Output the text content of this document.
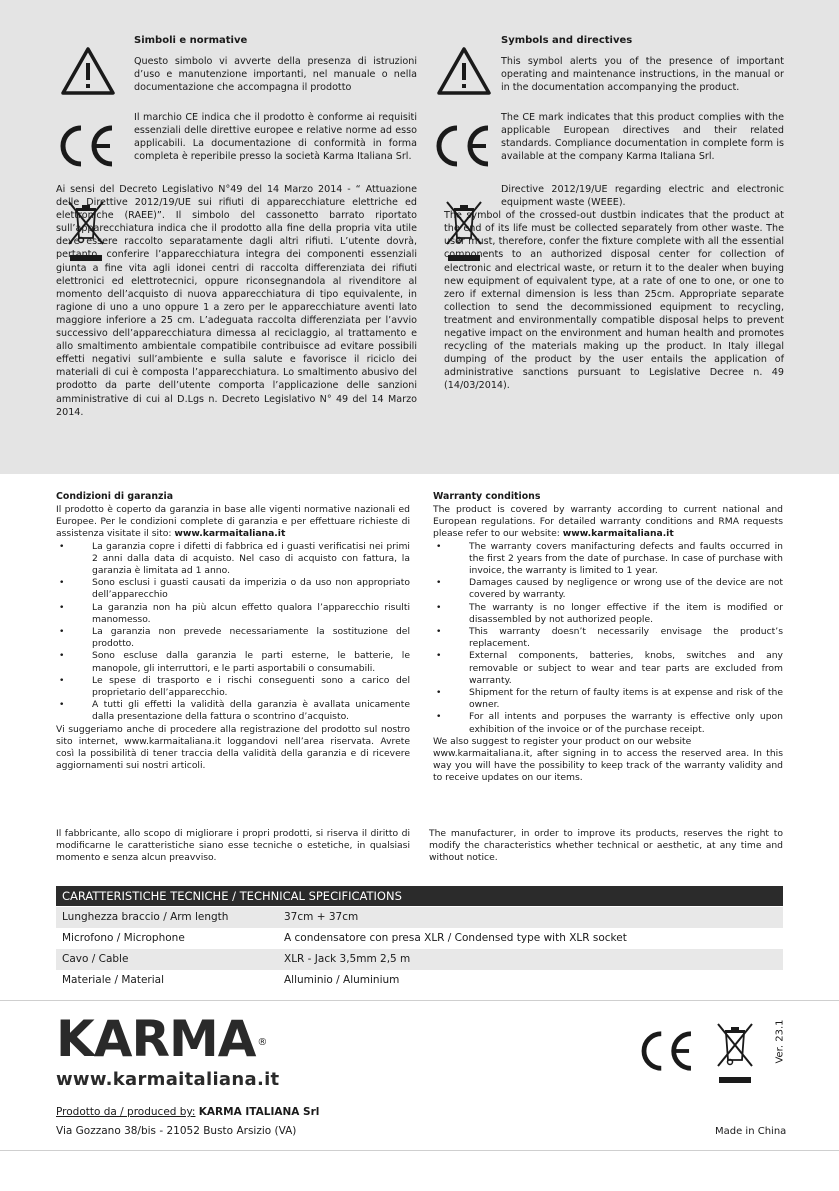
Simboli e normative
Questo simbolo vi avverte della presenza di istruzioni d’uso e manutenzione importanti, nel manuale o nella documentazione che accompagna il prodotto
Il marchio CE indica che il prodotto è conforme ai requisiti essenziali delle direttive europee e relative norme ad esso applicabili. La documentazione di conformità in forma completa è reperibile presso la società Karma Italiana Srl.

Ai sensi del Decreto Legislativo N°49 del 14 Marzo 2014 - “ Attuazione delle Direttive 2012/19/UE sui rifiuti di apparecchiature elettriche ed elettroniche (RAEE)”. Il simbolo del cassonetto barrato riportato sull’apparecchiatura indica che il prodotto alla fine della propria vita utile deve essere raccolto separatamente dagli altri rifiuti. L’utente dovrà, pertanto, conferire l’apparecchiatura integra dei componenti essenziali giunta a fine vita agli idonei centri di raccolta differenziata dei rifiuti elettronici ed elettrotecnici, oppure riconsegnandola al rivenditore al momento dell’acquisto di nuova apparecchiatura di tipo equivalente, in ragione di uno a uno oppure 1 a zero per le apparecchiature aventi lato maggiore inferiore a 25 cm. L’adeguata raccolta differenziata per l’avvio successivo dell’apparecchiatura dimessa al reciclaggio, al trattamento e allo smaltimento ambientale compatibile contribuisce ad evitare possibili effetti negativi sull’ambiente e sulla salute e favorisce il riciclo dei materiali di cui è composta l’apparecchiatura. Lo smaltimento abusivo del prodotto da parte dell’utente comporta l’applicazione delle sanzioni amministrative di cui al D.Lgs n. Decreto Legislativo N° 49 del 14 Marzo 2014.

Symbols and directives
This symbol alerts you of the presence of important operating and maintenance instructions, in the manual or in the documentation accompanying the product.
The CE mark indicates that this product complies with the applicable European directives and their related standards. Compliance documentation in complete form is available at the company Karma Italiana Srl.

Directive 2012/19/UE regarding electric and electronic equipment waste (WEEE).

The symbol of the crossed-out dustbin indicates that the product at the end of its life must be collected separately from other waste. The user must, therefore, confer the fixture complete with all the essential components to an authorized disposal center for collection of electronic and electrical waste, or return it to the dealer when buying new equipment of equivalent type, at a rate of one to one, or one to zero if external dimension is less than 25cm. Appropriate separate collection to send the decommissioned equipment to recycling, treatment and environmentally compatible disposal helps to prevent negative impact on the environment and human health and promotes recycling of the materials making up the product. In Italy illegal dumping of the product by the user entails the application of administrative sanctions pursuant to Legislative Decree n. 49 (14/03/2014).

Condizioni di garanzia

Il prodotto è coperto da garanzia in base alle vigenti normative nazionali ed Europee. Per le condizioni complete di garanzia e per effettuare richieste di assistenza visitate il sito: www.karmaitaliana.it

•	La garanzia copre i difetti di fabbrica ed i guasti verificatisi nei primi 2 anni dalla data di acquisto. Nel caso di acquisto con fattura, la garanzia è limitata ad 1 anno.
•	Sono esclusi i guasti causati da imperizia o da uso non appropriato dell’apparecchio
•	La garanzia non ha più alcun effetto qualora l’apparecchio risulti manomesso.
•	La garanzia non prevede necessariamente la sostituzione del prodotto.
•	Sono escluse dalla garanzia le parti esterne, le batterie, le manopole, gli interruttori, e le parti asportabili o consumabili.
•	Le spese di trasporto e i rischi conseguenti sono a carico del proprietario dell’apparecchio.
•	A tutti gli effetti la validità della garanzia è avallata unicamente dalla presentazione della fattura o scontrino d’acquisto.

Vi suggeriamo anche di procedere alla registrazione del prodotto sul nostro sito internet, www.karmaitaliana.it loggandovi nell’area riservata. Avrete così la possibilità di tener traccia della validità della garanzia e di ricevere aggiornamenti sui nostri articoli.

Warranty conditions

The product is covered by warranty according to current national and European regulations. For detailed warranty conditions and RMA requests please refer to our website: www.karmaitaliana.it

•	The warranty covers manifacturing defects and faults occurred in the first 2 years from the date of purchase. In case of purchase with invoice, the warranty is limited to 1 year.
•	Damages caused by negligence or wrong use of the device are not covered by warranty.
•	The warranty is no longer effective if the item is modified or disassembled by not authorized people.
•	This warranty doesn’t necessarily envisage the product’s replacement.
•	External components, batteries, knobs, switches and any removable or subject to wear and tear parts are excluded from warranty.
•	Shipment for the return of faulty items is at expense and risk of the owner.
•	For all intents and porpuses the warranty is effective only upon exhibition of the invoice or of the purchase receipt.

We also suggest to register your product on our website

www.karmaitaliana.it, after signing in to access the reserved area. In this way you will have the possibility to keep track of the warranty validity and to receive updates on our items.

Il fabbricante, allo scopo di migliorare i propri prodotti, si riserva il diritto di modificarne le caratteristiche siano esse tecniche o estetiche, in qualsiasi momento e senza alcun preavviso.
The manufacturer, in order to improve its products, reserves the right to modify the characteristics whether technical or aesthetic, at any time and without notice.
CARATTERISTICHE TECNICHE / TECHNICAL SPECIFICATIONS
Lunghezza braccio / Arm length	37cm + 37cm
Microfono / Microphone	A condensatore con presa XLR / Condensed type with XLR socket
Cavo / Cable	XLR - Jack 3,5mm 2,5 m
Materiale / Material	Alluminio / Aluminium
KARMA ®
www.karmaitaliana.it
Prodotto da / produced by: KARMA ITALIANA Srl
Via Gozzano 38/bis - 21052 Busto Arsizio (VA)	Made in China
Ver. 23.1
